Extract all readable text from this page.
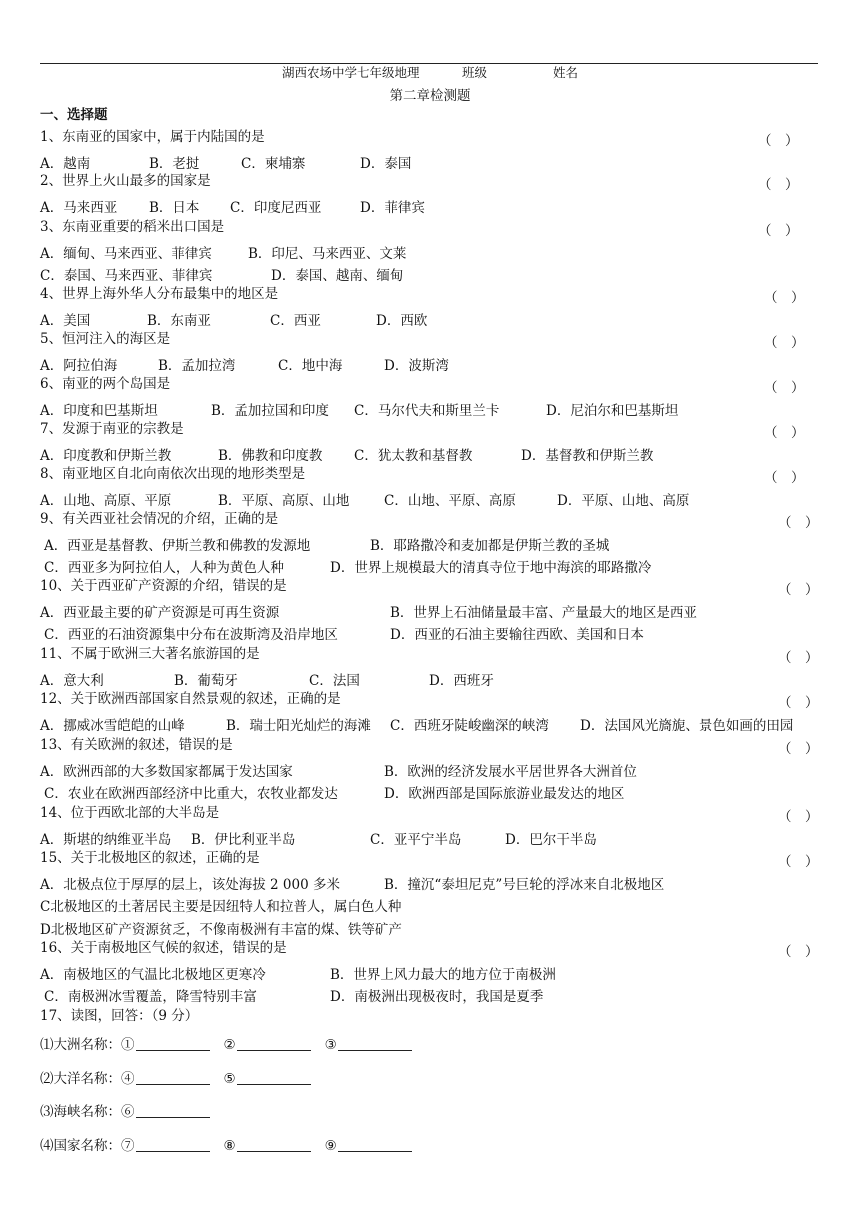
湖西农场中学七年级地理	班级	姓名
第二章检测题
一、选择题
1、东南亚的国家中，属于内陆国的是	（　）
A．越南	B．老挝	C．柬埔寨	D．泰国
2、世界上火山最多的国家是	（　）
A．马来西亚 B．日本 C．印度尼西亚	D．菲律宾
3、东南亚重要的稻米出口国是	（　）
A．缅甸、马来西亚、菲律宾	B．印尼、马来西亚、文莱
C．泰国、马来西亚、菲律宾	D．泰国、越南、缅甸
4、世界上海外华人分布最集中的地区是	（　）
A．美国	B．东南亚	C．西亚	D．西欧
5、恒河注入的海区是	（　）
A．阿拉伯海	B．孟加拉湾	C．地中海	D．波斯湾
6、南亚的两个岛国是	（　）
A．印度和巴基斯坦	B．孟加拉国和印度 C．马尔代夫和斯里兰卡	D．尼泊尔和巴基斯坦
7、发源于南亚的宗教是	（　）
A．印度教和伊斯兰教	B．佛教和印度教 C．犹太教和基督教	D．基督教和伊斯兰教
8、南亚地区自北向南依次出现的地形类型是	（　）
A．山地、高原、平原	B．平原、高原、山地	C．山地、平原、高原	D．平原、山地、高原
9、有关西亚社会情况的介绍，正确的是	（　）
A．西亚是基督教、伊斯兰教和佛教的发源地	B．耶路撒冷和麦加都是伊斯兰教的圣城
C．西亚多为阿拉伯人，人种为黄色人种	D．世界上规模最大的清真寺位于地中海滨的耶路撒冷
10、关于西亚矿产资源的介绍，错误的是	（　）
A．西亚最主要的矿产资源是可再生资源	B．世界上石油储量最丰富、产量最大的地区是西亚
C．西亚的石油资源集中分布在波斯湾及沿岸地区	D．西亚的石油主要输往西欧、美国和日本
11、不属于欧洲三大著名旅游国的是	（　）
A．意大利	B．葡萄牙	C．法国	D．西班牙
12、关于欧洲西部国家自然景观的叙述，正确的是	（　）
A．挪威冰雪皑皑的山峰	B．瑞士阳光灿烂的海滩 C．西班牙陡峻幽深的峡湾 D．法国风光旖旎、景色如画的田园
13、有关欧洲的叙述，错误的是	（　）
A．欧洲西部的大多数国家都属于发达国家	B．欧洲的经济发展水平居世界各大洲首位
C．农业在欧洲西部经济中比重大，农牧业都发达	D．欧洲西部是国际旅游业最发达的地区
14、位于西欧北部的大半岛是	（　）
A．斯堪的纳维亚半岛 B．伊比利亚半岛	C．亚平宁半岛	D．巴尔干半岛
15、关于北极地区的叙述，正确的是	（　）
A．北极点位于厚厚的层上，该处海拔 2 000 多米	B．撞沉“泰坦尼克”号巨轮的浮冰来自北极地区
C北极地区的土著居民主要是因纽特人和拉普人，属白色人种
D北极地区矿产资源贫乏，不像南极洲有丰富的煤、铁等矿产
16、关于南极地区气候的叙述，错误的是	（　）
A．南极地区的气温比北极地区更寒冷	B．世界上风力最大的地方位于南极洲
C．南极洲冰雪覆盖，降雪特别丰富	D．南极洲出现极夜时，我国是夏季
17、读图，回答：（9 分）
⑴大洲名称：①	②	③
⑵大洋名称：④	⑤
⑶海峡名称：⑥
⑷国家名称：⑦	⑧	⑨
